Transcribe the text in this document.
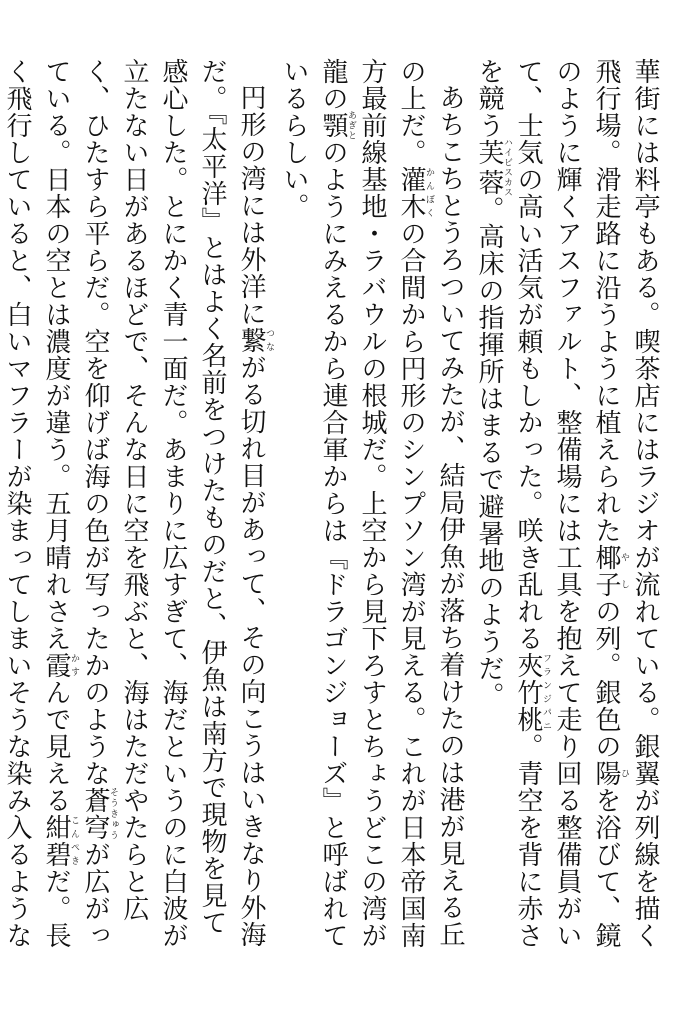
華街には料亭もある。喫茶店にはラジオが流れている。銀翼が列線を描く飛行場。滑走路に沿うように植えられた椰子やしの列。銀色の陽ひを浴びて、鏡のように輝くアスファルト、整備場には工具を抱えて走り回る整備員がいて、士気の高い活気が頼もしかった。咲き乱れる夾竹桃フランジパニ。青空を背に赤さを競う芙蓉ハイビスカス。高床の指揮所はまるで避暑地のようだ。

あちこちとうろついてみたが、結局伊魚が落ち着けたのは港が見える丘の上だ。灌木かんぼくの合間から円形のシンプソン湾が見える。これが日本帝国南方最前線基地・ラバウルの根城だ。上空から見下ろすとちょうどこの湾が龍の顎あぎとのようにみえるから連合軍からは『ドラゴンジョーズ』と呼ばれているらしい。

円形の湾には外洋に繋つながる切れ目があって、その向こうはいきなり外海だ。『太平洋』とはよく名前をつけたものだと、伊魚は南方で現物を見て感心した。とにかく青一面だ。あまりに広すぎて、海だというのに白波が立たない日があるほどで、そんな日に空を飛ぶと、海はただやたらと広く、ひたすら平らだ。空を仰げば海の色が写ったかのような蒼穹そうきゅうが広がっている。日本の空とは濃度が違う。五月晴れさえ霞かすんで見える紺碧こんぺきだ。長く飛行していると、白いマフラーが染まってしまいそうな染み入るような
